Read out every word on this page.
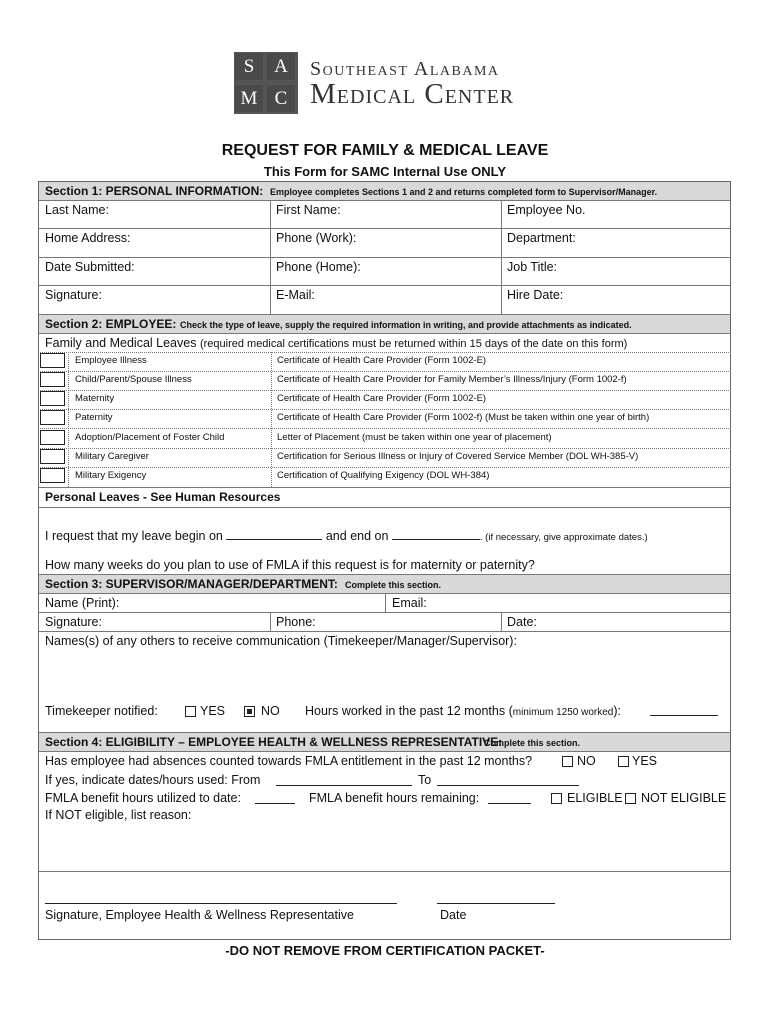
S	A
M C
Southeast Alabama
Medical Center
REQUEST FOR FAMILY & MEDICAL LEAVE
This Form for SAMC Internal Use ONLY
Section 1: PERSONAL INFORMATION: Employee completes Sections 1 and 2 and returns completed form to Supervisor/Manager.
Last Name:	First Name:	Employee No.
Home Address:	Phone (Work):	Department:
Date Submitted:	Phone (Home):	Job Title:
Signature:	E-Mail:	Hire Date:
Section 2: EMPLOYEE: Check the type of leave, supply the required information in writing, and provide attachments as indicated.
Family and Medical Leaves (required medical certifications must be returned within 15 days of the date on this form)
Employee Illness	Certificate of Health Care Provider (Form 1002-E)
Child/Parent/Spouse Illness	Certificate of Health Care Provider for Family Member’s Illness/Injury (Form 1002-f)
Maternity	Certificate of Health Care Provider (Form 1002-E)
Paternity	Certificate of Health Care Provider (Form 1002-f) (Must be taken within one year of birth)
Adoption/Placement of Foster Child	Letter of Placement (must be taken within one year of placement)
Military Caregiver	Certification for Serious Illness or Injury of Covered Service Member (DOL WH-385-V)
Military Exigency	Certification of Qualifying Exigency (DOL WH-384)
Personal Leaves - See Human Resources
I request that my leave begin on	and end on	. (if necessary, give approximate dates.)
How many weeks do you plan to use of FMLA if this request is for maternity or paternity?
Section 3: SUPERVISOR/MANAGER/DEPARTMENT: Complete this section.
Name (Print):	Email:
Signature:	Phone:	Date:
Names(s) of any others to receive communication (Timekeeper/Manager/Supervisor):
Timekeeper notified:	YES	NO Hours worked in the past 12 months (minimum 1250 worked):
Section 4: ELIGIBILITY – EMPLOYEE HEALTH & WELLNESS REPRESENTATIVE:
Complete this section.
Has employee had absences counted towards FMLA entitlement in the past 12 months?	NO	YES
If yes, indicate dates/hours used: From	To
FMLA benefit hours utilized to date:	FMLA benefit hours remaining:	ELIGIBLE NOT ELIGIBLE
If NOT eligible, list reason:
Signature, Employee Health & Wellness Representative	Date
-DO NOT REMOVE FROM CERTIFICATION PACKET-
